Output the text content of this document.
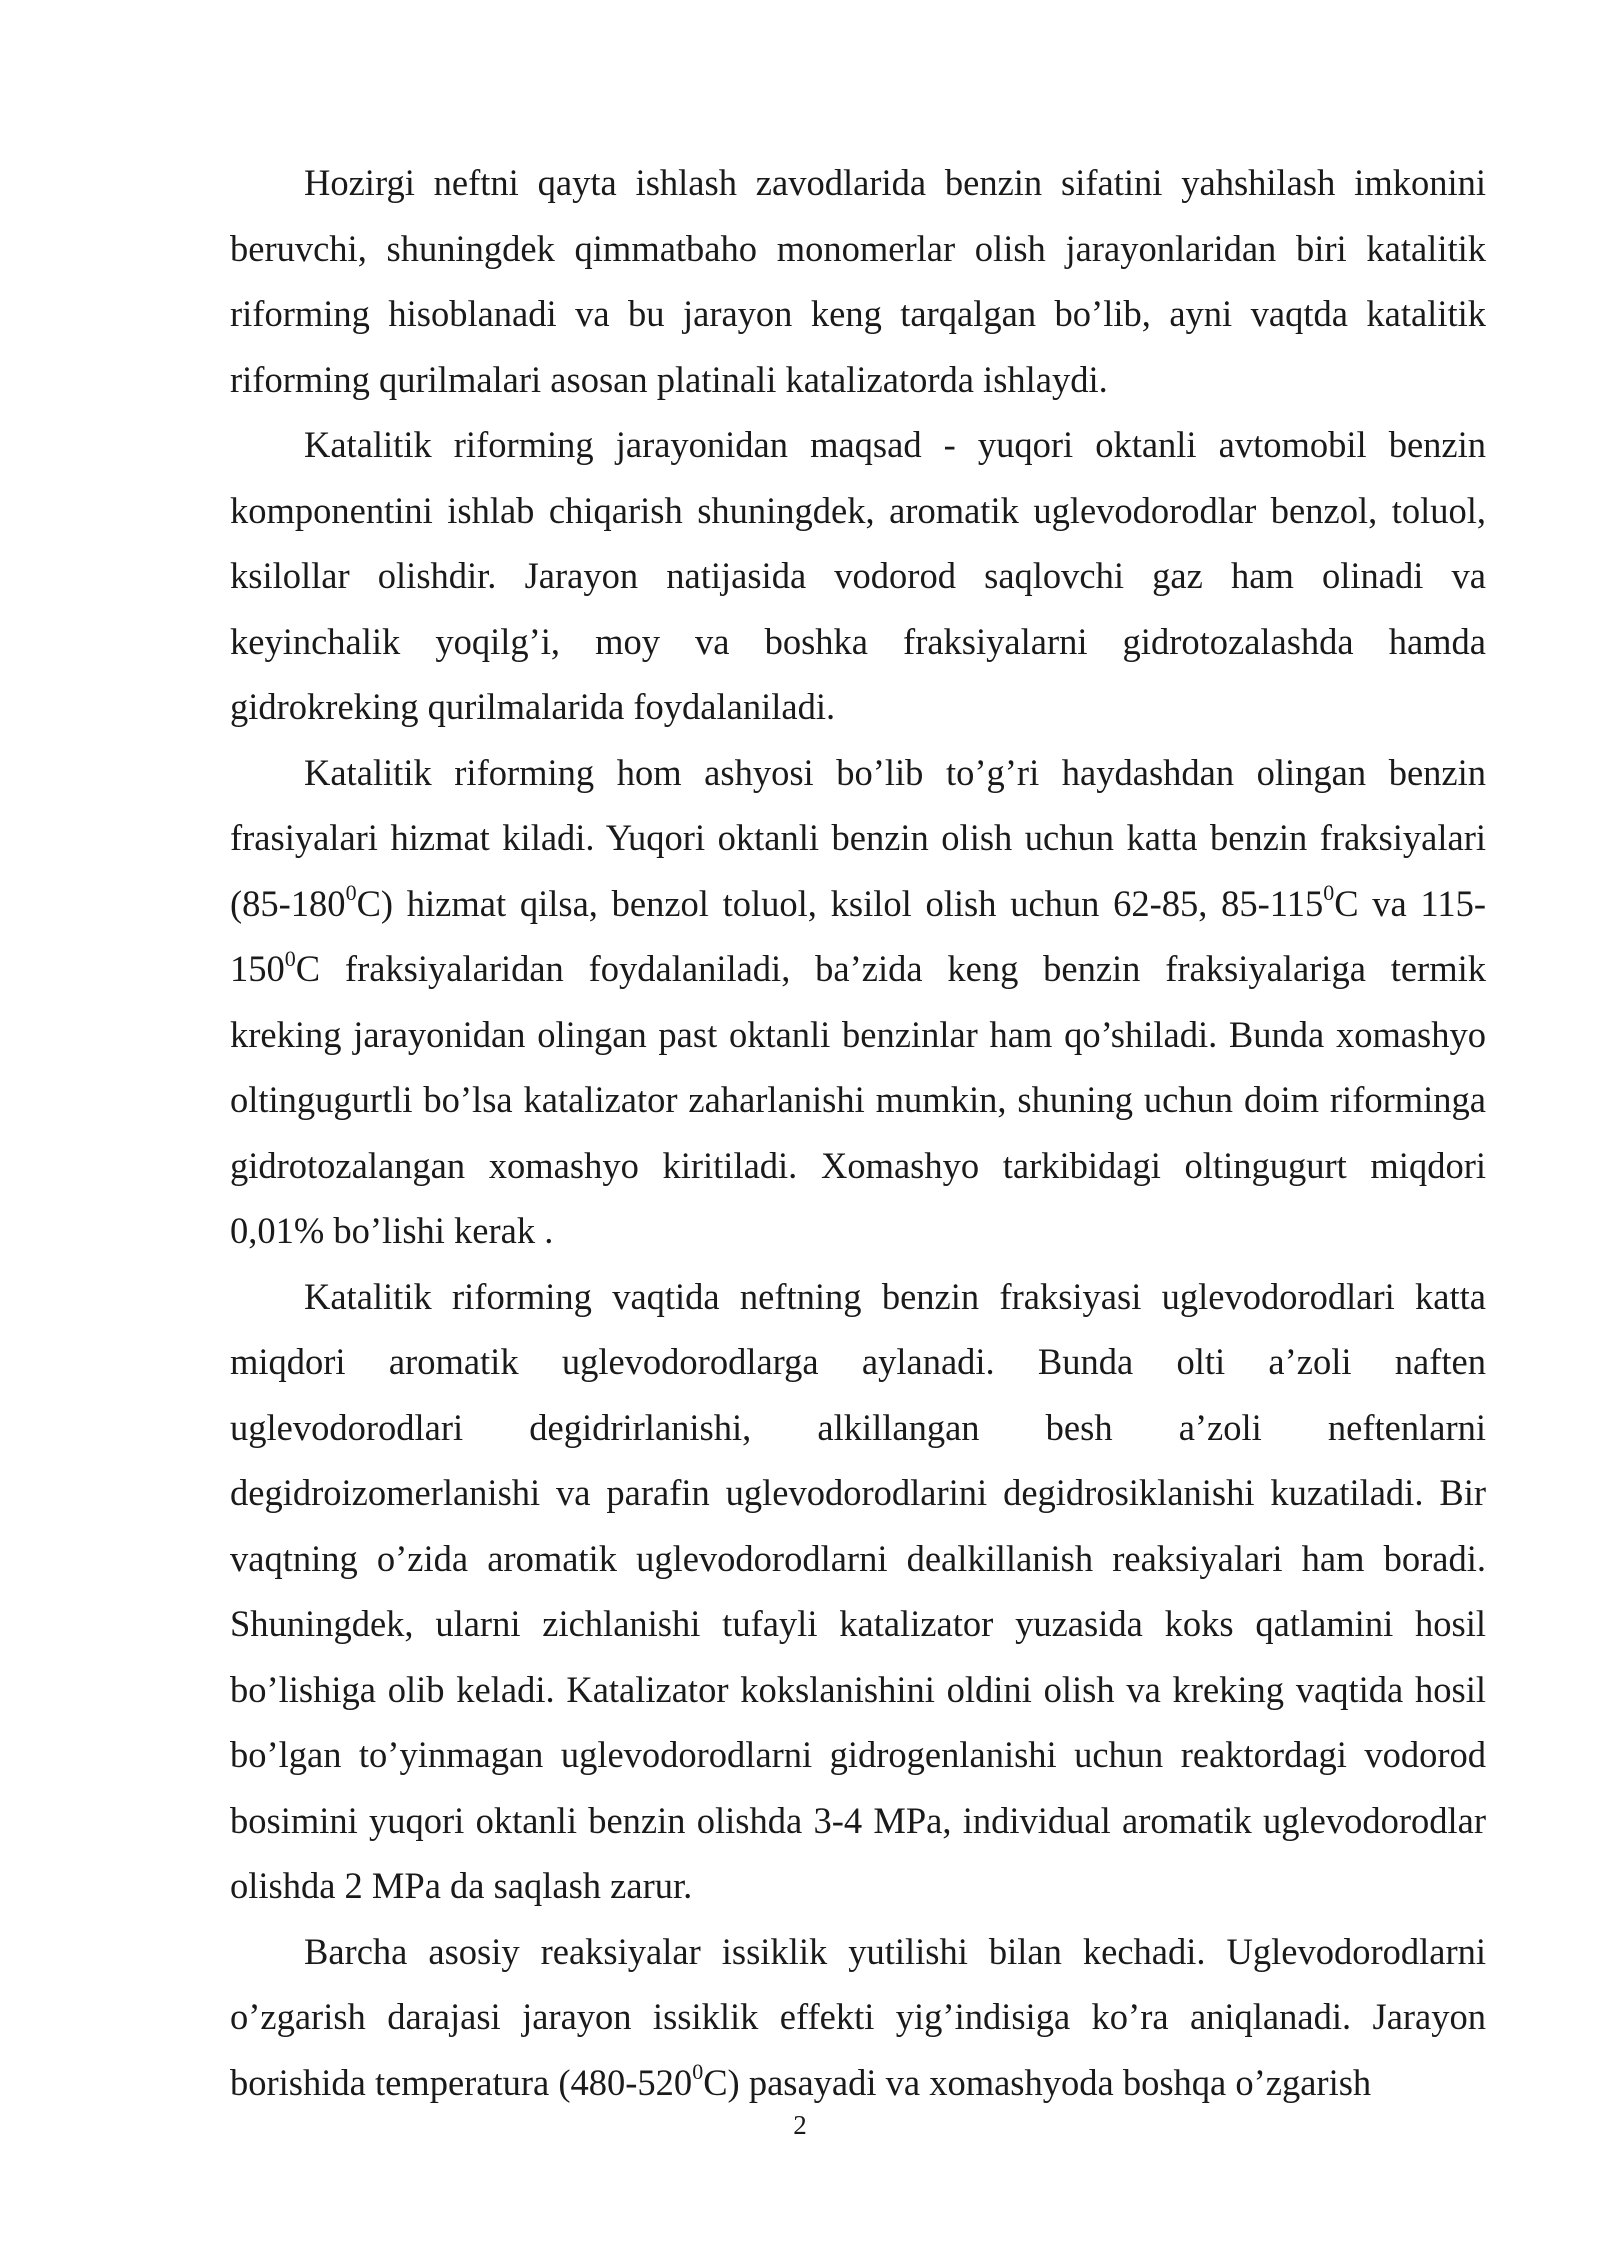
Hozirgi neftni qayta ishlash zavodlarida benzin sifatini yahshilash imkonini beruvchi, shuningdek qimmatbaho monomerlar olish jarayonlaridan biri katalitik riforming hisoblanadi va bu jarayon keng tarqalgan bo’lib, ayni vaqtda katalitik riforming qurilmalari asosan platinali katalizatorda ishlaydi.

Katalitik riforming jarayonidan maqsad - yuqori oktanli avtomobil benzin komponentini ishlab chiqarish shuningdek, aromatik uglevodorodlar benzol, toluol, ksilollar olishdir. Jarayon natijasida vodorod saqlovchi gaz ham olinadi va keyinchalik yoqilg’i, moy va boshka fraksiyalarni gidrotozalashda hamda gidrokreking qurilmalarida foydalaniladi.

Katalitik riforming hom ashyosi bo’lib to’g’ri haydashdan olingan benzin frasiyalari hizmat kiladi. Yuqori oktanli benzin olish uchun katta benzin fraksiyalari $(85-180^0C)$ hizmat qilsa, benzol toluol, ksilol olish uchun 62-85, $85-115^0C$ va $115-150^0C$ fraksiyalaridan foydalaniladi, ba’zida keng benzin fraksiyalariga termik kreking jarayonidan olingan past oktanli benzinlar ham qo’shiladi. Bunda xomashyo oltingugurtli bo’lsa katalizator zaharlanishi mumkin, shuning uchun doim riforminga gidrotozalangan xomashyo kiritiladi. Xomashyo tarkibidagi oltingugurt miqdori 0,01% bo’lishi kerak .

Katalitik riforming vaqtida neftning benzin fraksiyasi uglevodorodlari katta miqdori aromatik uglevodorodlarga aylanadi. Bunda olti a’zoli naften uglevodorodlari degidrirlanishi, alkillangan besh a’zoli neftenlarni degidroizomerlanishi va parafin uglevodorodlarini degidrosiklanishi kuzatiladi. Bir vaqtning o’zida aromatik uglevodorodlarni dealkillanish reaksiyalari ham boradi. Shuningdek, ularni zichlanishi tufayli katalizator yuzasida koks qatlamini hosil bo’lishiga olib keladi. Katalizator kokslanishini oldini olish va kreking vaqtida hosil bo’lgan to’yinmagan uglevodorodlarni gidrogenlanishi uchun reaktordagi vodorod bosimini yuqori oktanli benzin olishda 3-4 MPa, individual aromatik uglevodorodlar olishda 2 MPa da saqlash zarur.

Barcha asosiy reaksiyalar issiklik yutilishi bilan kechadi. Uglevodorodlarni o’zgarish darajasi jarayon issiklik effekti yig’indisiga ko’ra aniqlanadi. Jarayon borishida temperatura $(480-520^0C)$ pasayadi va xomashyoda boshqa o’zgarish

2
